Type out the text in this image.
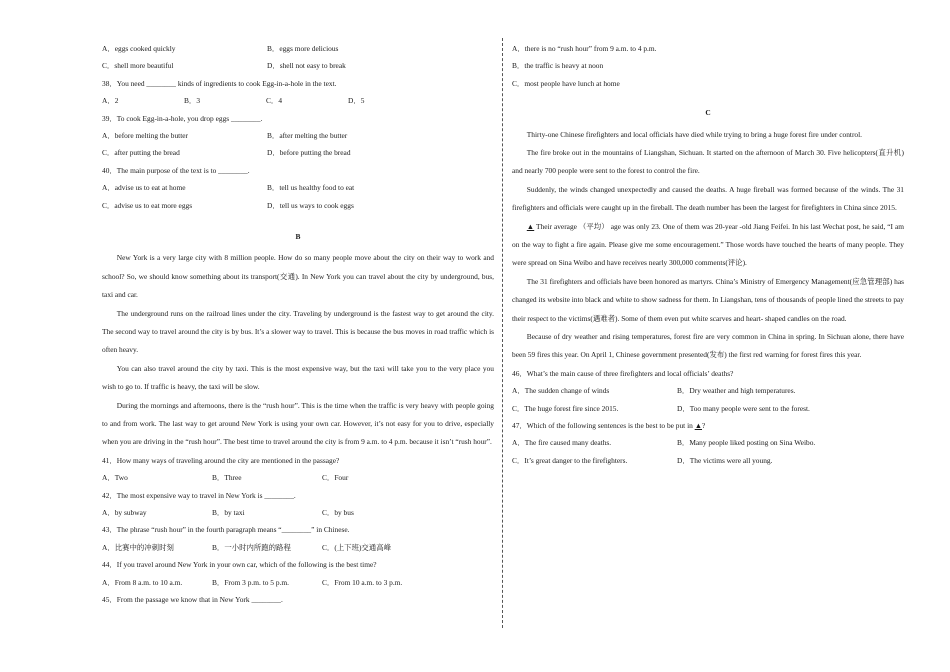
A．eggs cooked quickly	B．eggs more delicious
C．shell more beautiful	D．shell not easy to break
38．You need ________ kinds of ingredients to cook Egg-in-a-hole in the text.
A．2	B．3	C．4	D．5
39．To cook Egg-in-a-hole, you drop eggs ________.
A．before melting the butter	B．after melting the butter
C．after putting the bread	D．before putting the bread
40．The main purpose of the text is to ________.
A．advise us to eat at home	B．tell us healthy food to eat
C．advise us to eat more eggs	D．tell us ways to cook eggs
B

New York is a very large city with 8 million people. How do so many people move about the city on their way to work and school? So, we should know something about its transport(交通). In New York you can travel about the city by underground, bus, taxi and car.

The underground runs on the railroad lines under the city. Traveling by underground is the fastest way to get around the city. The second way to travel around the city is by bus. It’s a slower way to travel. This is because the bus moves in road traffic which is often heavy.

You can also travel around the city by taxi. This is the most expensive way, but the taxi will take you to the very place you wish to go to. If traffic is heavy, the taxi will be slow.

During the mornings and afternoons, there is the “rush hour”. This is the time when the traffic is very heavy with people going to and from work. The last way to get around New York is using your own car. However, it’s not easy for you to drive, especially when you are driving in the “rush hour”. The best time to travel around the city is from 9 a.m. to 4 p.m. because it isn’t “rush hour”.

41．How many ways of traveling around the city are mentioned in the passage?
A．Two	B．Three	C．Four
42．The most expensive way to travel in New York is ________.
A．by subway	B．by taxi	C．by bus
43．The phrase “rush hour” in the fourth paragraph means “________” in Chinese.
A．比赛中的冲刺时刻	B．一小时内所跑的路程	C．(上下班)交通高峰
44．If you travel around New York in your own car, which of the following is the best time?
A．From 8 a.m. to 10 a.m.	B．From 3 p.m. to 5 p.m.	C．From 10 a.m. to 3 p.m.
45．From the passage we know that in New York ________.
A．there is no “rush hour” from 9 a.m. to 4 p.m.
B．the traffic is heavy at noon
C．most people have lunch at home
C

Thirty-one Chinese firefighters and local officials have died while trying to bring a huge forest fire under control.

The fire broke out in the mountains of Liangshan, Sichuan. It started on the afternoon of March 30. Five helicopters(直升机) and nearly 700 people were sent to the forest to control the fire.

Suddenly, the winds changed unexpectedly and caused the deaths. A huge fireball was formed because of the winds. The 31 firefighters and officials were caught up in the fireball. The death number has been the largest for firefighters in China since 2015.

▲ Their average （平均） age was only 23. One of them was 20-year -old Jiang Feifei. In his last Wechat post, he said, “I am on the way to fight a fire again. Please give me some encouragement.” Those words have touched the hearts of many people. They were spread on Sina Weibo and have receives nearly 300,000 comments(评论).

The 31 firefighters and officials have been honored as martyrs. China’s Ministry of Emergency Management(应急管理部) has changed its website into black and white to show sadness for them. In Liangshan, tens of thousands of people lined the streets to pay their respect to the victims(遇难者). Some of them even put white scarves and heart- shaped candles on the road.

Because of dry weather and rising temperatures, forest fire are very common in China in spring. In Sichuan alone, there have been 59 fires this year. On April 1, Chinese government presented(发布) the first red warning for forest fires this year.

46．What’s the main cause of three firefighters and local officials’ deaths?
A．The sudden change of winds	B．Dry weather and high temperatures.
C．The huge forest fire since 2015.	D．Too many people were sent to the forest.
47．Which of the following sentences is the best to be put in ▲?
A．The fire caused many deaths.	B．Many people liked posting on Sina Weibo.
C．It’s great danger to the firefighters.	D．The victims were all young.
